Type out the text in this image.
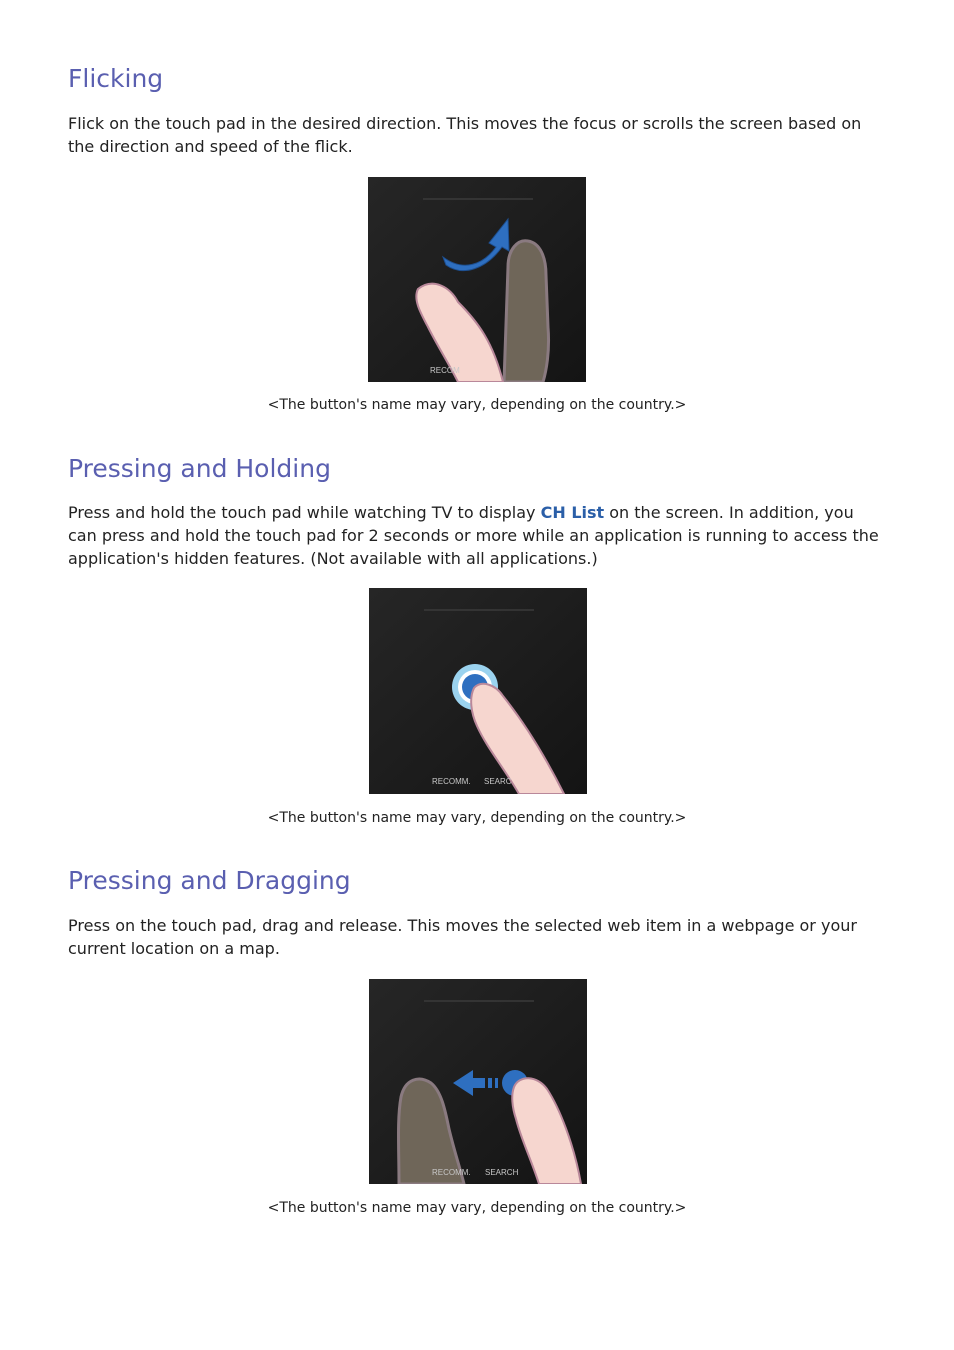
Flicking

Flick on the touch pad in the desired direction. This moves the focus or scrolls the screen based on the direction and speed of the flick.

RECOM
<The button's name may vary, depending on the country.>
Pressing and Holding

Press and hold the touch pad while watching TV to display CH List on the screen. In addition, you can press and hold the touch pad for 2 seconds or more while an application is running to access the application's hidden features. (Not available with all applications.)

RECOMM. SEARC
<The button's name may vary, depending on the country.>
Pressing and Dragging

Press on the touch pad, drag and release. This moves the selected web item in a webpage or your current location on a map.

RECOMM. SEARCH
<The button's name may vary, depending on the country.>
